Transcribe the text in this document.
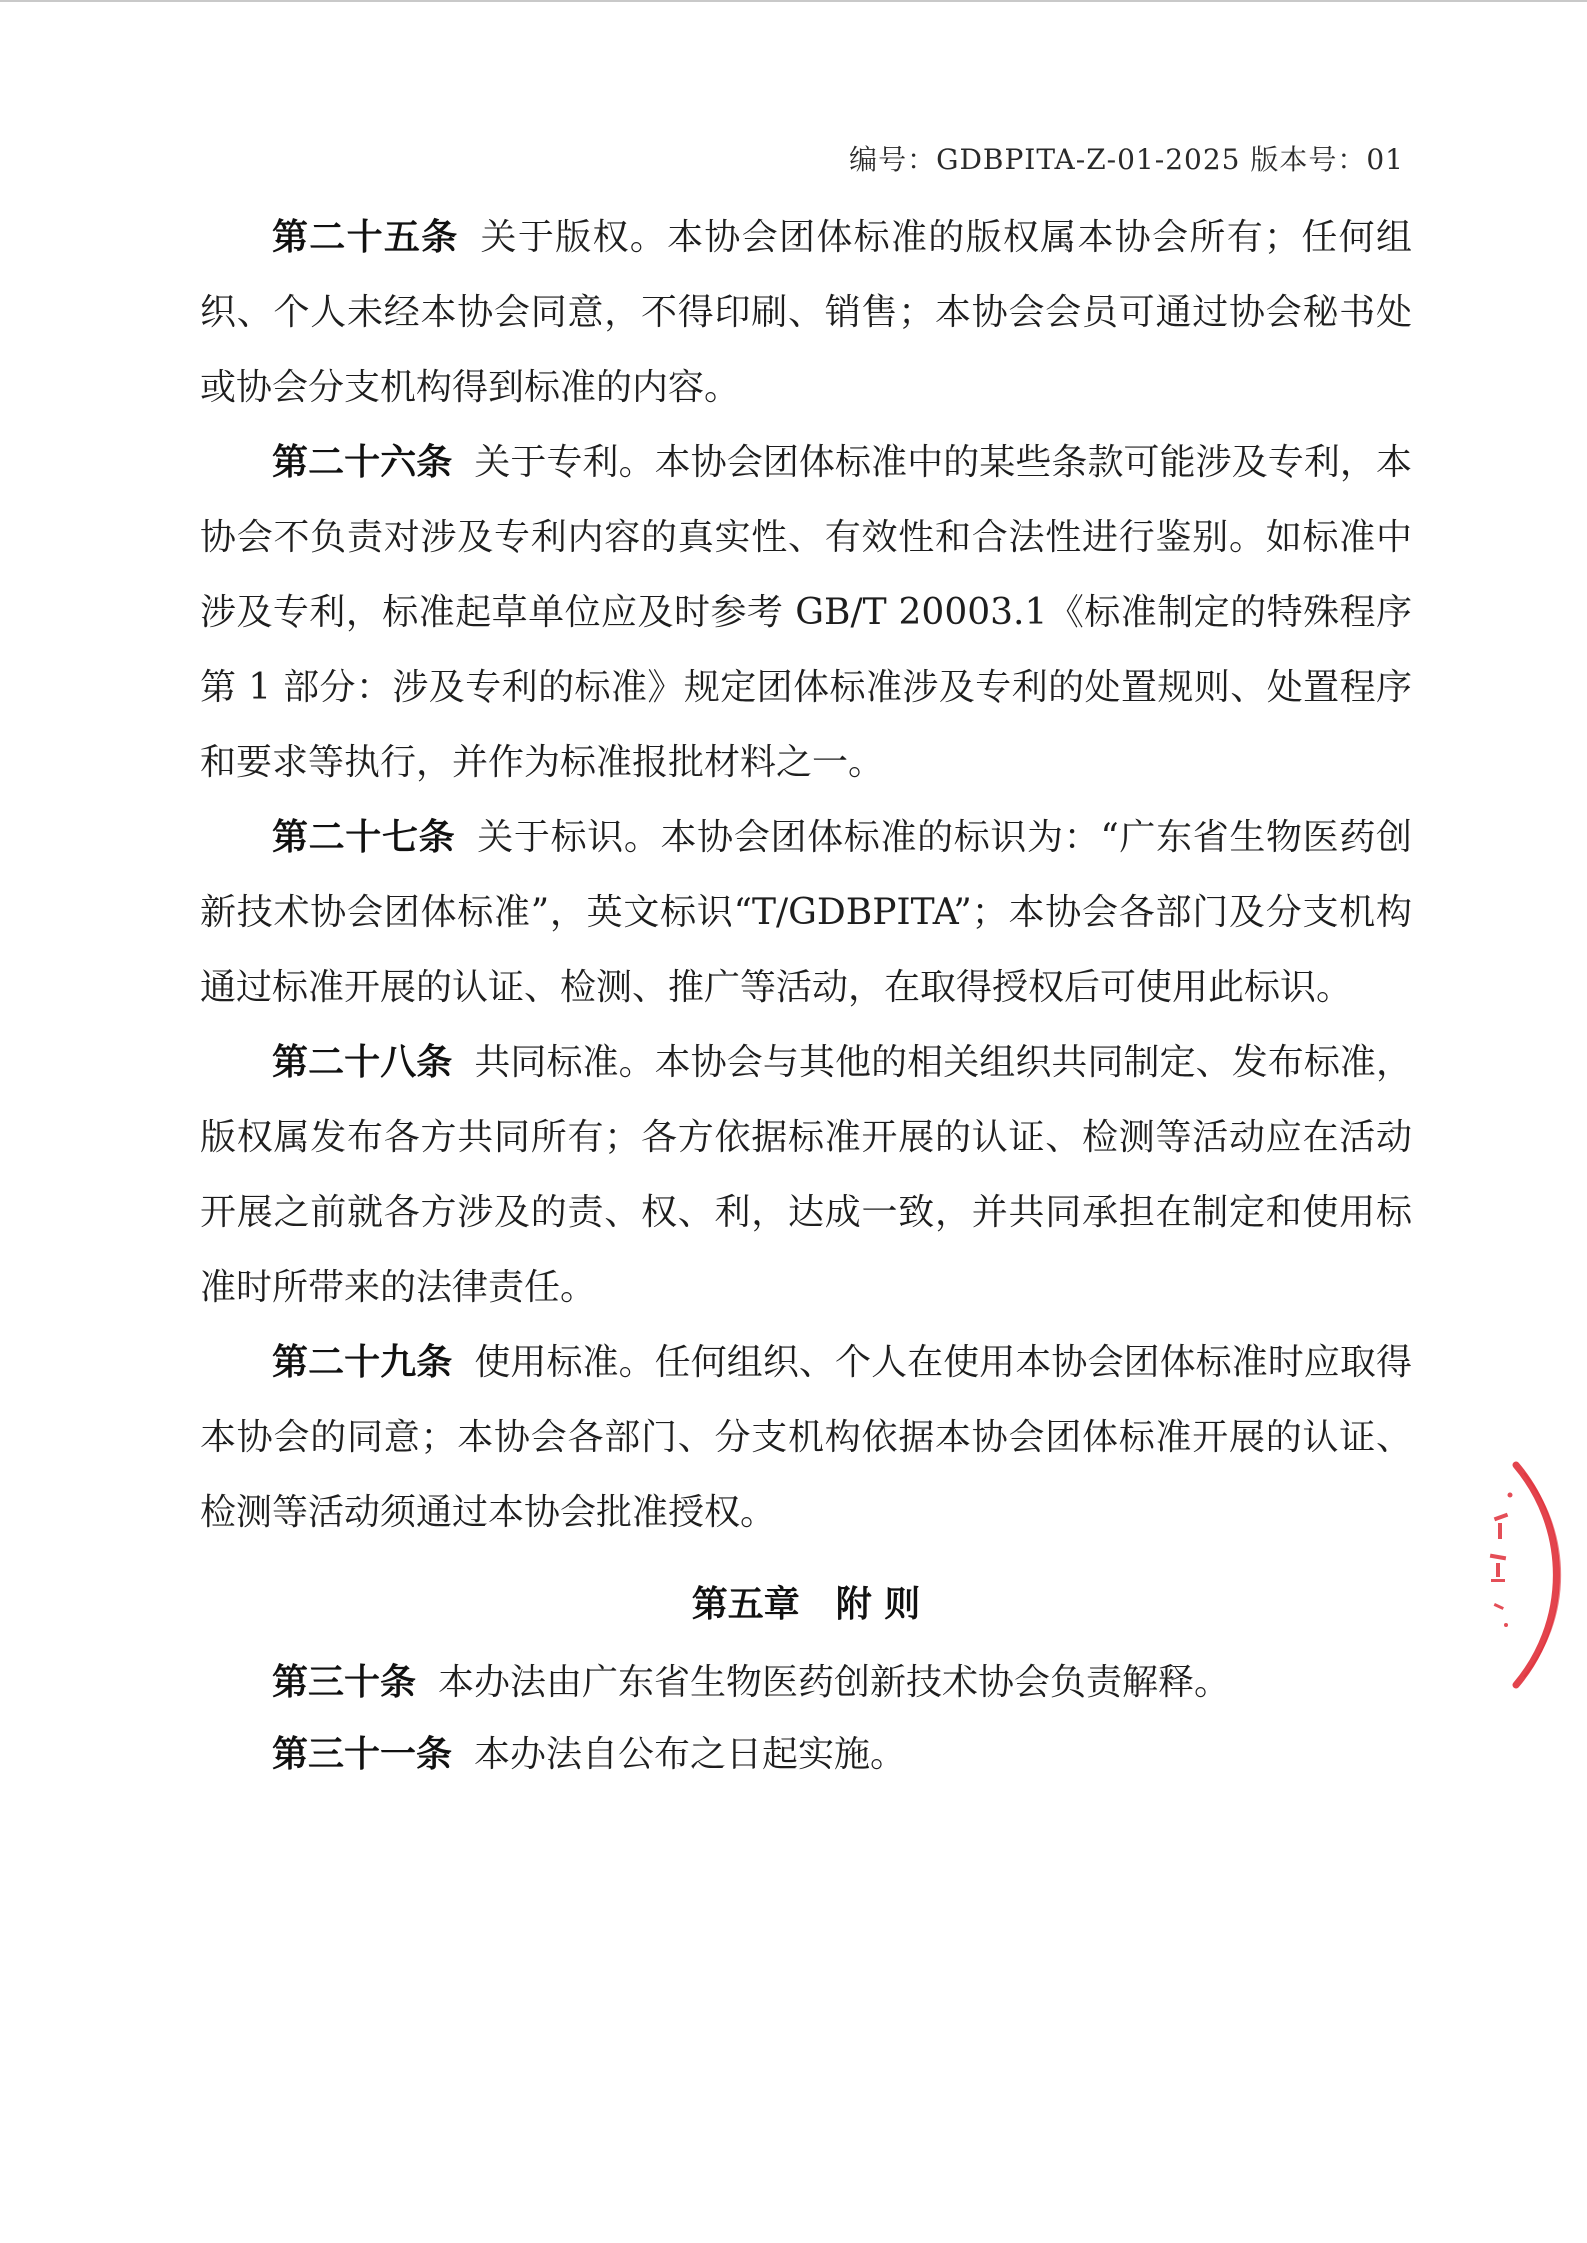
编号：GDBPITA-Z-01-2025 版本号：01

第二十五条 关于版权。本协会团体标准的版权属本协会所有；任何组织、个人未经本协会同意，不得印刷、销售；本协会会员可通过协会秘书处或协会分支机构得到标准的内容。

第二十六条 关于专利。本协会团体标准中的某些条款可能涉及专利，本协会不负责对涉及专利内容的真实性、有效性和合法性进行鉴别。如标准中涉及专利，标准起草单位应及时参考 GB/T 20003.1《标准制定的特殊程序第 1 部分：涉及专利的标准》规定团体标准涉及专利的处置规则、处置程序和要求等执行，并作为标准报批材料之一。

第二十七条 关于标识。本协会团体标准的标识为：“广东省生物医药创新技术协会团体标准”，英文标识“T/GDBPITA”；本协会各部门及分支机构通过标准开展的认证、检测、推广等活动，在取得授权后可使用此标识。

第二十八条 共同标准。本协会与其他的相关组织共同制定、发布标准，版权属发布各方共同所有；各方依据标准开展的认证、检测等活动应在活动开展之前就各方涉及的责、权、利，达成一致，并共同承担在制定和使用标准时所带来的法律责任。

第二十九条 使用标准。任何组织、个人在使用本协会团体标准时应取得本协会的同意；本协会各部门、分支机构依据本协会团体标准开展的认证、检测等活动须通过本协会批准授权。

第五章 附 则

第三十条 本办法由广东省生物医药创新技术协会负责解释。

第三十一条 本办法自公布之日起实施。
